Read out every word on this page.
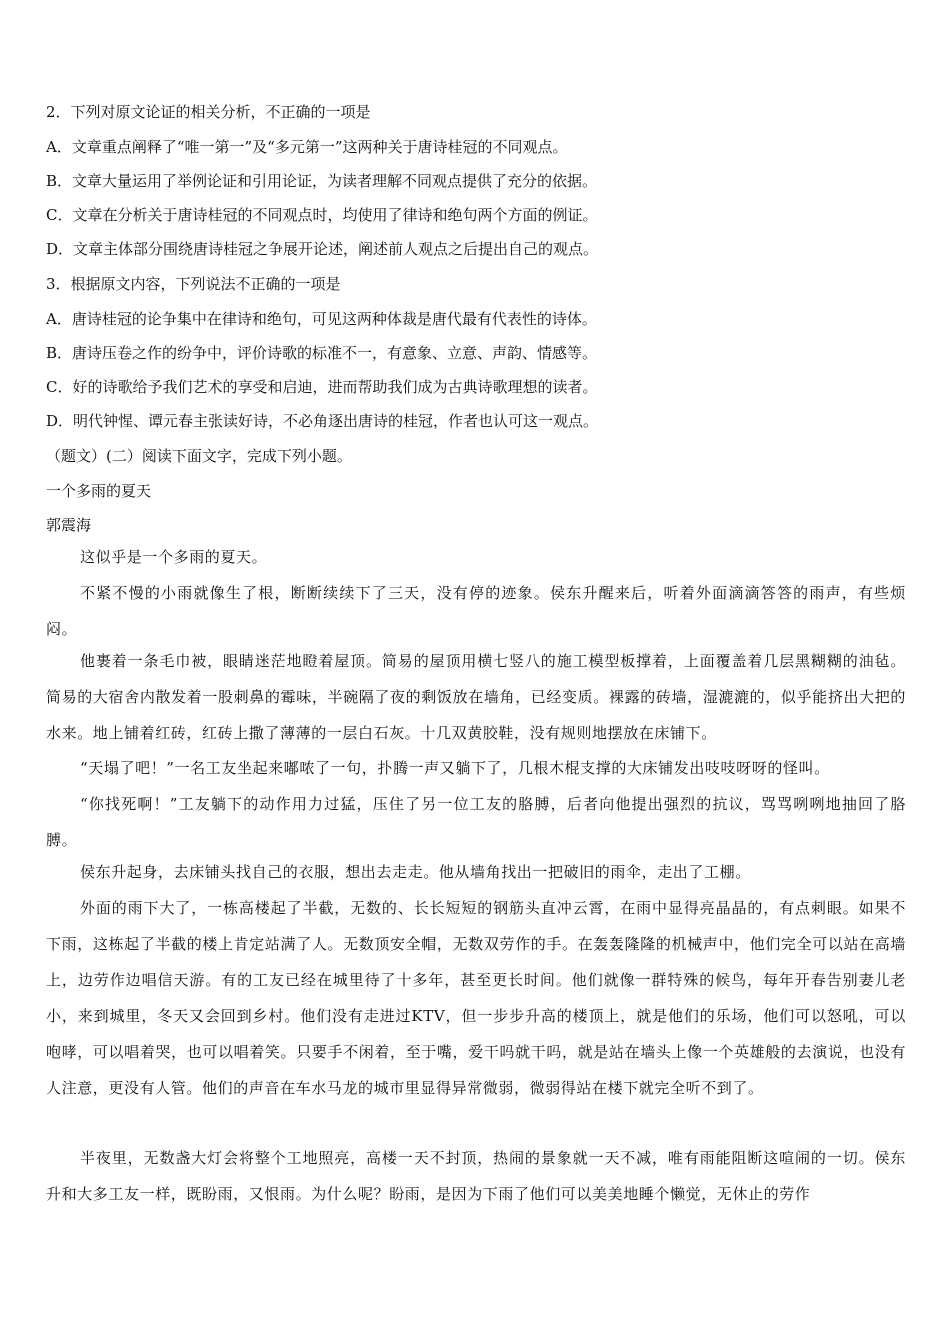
2．下列对原文论证的相关分析，不正确的一项是
A．文章重点阐释了“唯一第一”及“多元第一”这两种关于唐诗桂冠的不同观点。
B．文章大量运用了举例论证和引用论证，为读者理解不同观点提供了充分的依据。
C．文章在分析关于唐诗桂冠的不同观点时，均使用了律诗和绝句两个方面的例证。
D．文章主体部分围绕唐诗桂冠之争展开论述，阐述前人观点之后提出自己的观点。
3．根据原文内容，下列说法不正确的一项是
A．唐诗桂冠的论争集中在律诗和绝句，可见这两种体裁是唐代最有代表性的诗体。
B．唐诗压卷之作的纷争中，评价诗歌的标准不一，有意象、立意、声韵、情感等。
C．好的诗歌给予我们艺术的享受和启迪，进而帮助我们成为古典诗歌理想的读者。
D．明代钟惺、谭元春主张读好诗，不必角逐出唐诗的桂冠，作者也认可这一观点。
（题文）(二）阅读下面文字，完成下列小题。
一个多雨的夏天
郭震海
这似乎是一个多雨的夏天。
不紧不慢的小雨就像生了根，断断续续下了三天，没有停的迹象。侯东升醒来后，听着外面滴滴答答的雨声，有些烦闷。
他裹着一条毛巾被，眼睛迷茫地瞪着屋顶。简易的屋顶用横七竖八的施工模型板撑着，上面覆盖着几层黑糊糊的油毡。简易的大宿舍内散发着一股刺鼻的霉味，半碗隔了夜的剩饭放在墙角，已经变质。裸露的砖墙，湿漉漉的，似乎能挤出大把的水来。地上铺着红砖，红砖上撒了薄薄的一层白石灰。十几双黄胶鞋，没有规则地摆放在床铺下。
“天塌了吧！”一名工友坐起来嘟哝了一句，扑腾一声又躺下了，几根木棍支撑的大床铺发出吱吱呀呀的怪叫。
“你找死啊！”工友躺下的动作用力过猛，压住了另一位工友的胳膊，后者向他提出强烈的抗议，骂骂咧咧地抽回了胳膊。
侯东升起身，去床铺头找自己的衣服，想出去走走。他从墙角找出一把破旧的雨伞，走出了工棚。
外面的雨下大了，一栋高楼起了半截，无数的、长长短短的钢筋头直冲云霄，在雨中显得亮晶晶的，有点刺眼。如果不下雨，这栋起了半截的楼上肯定站满了人。无数顶安全帽，无数双劳作的手。在轰轰隆隆的机械声中，他们完全可以站在高墙上，边劳作边唱信天游。有的工友已经在城里待了十多年，甚至更长时间。他们就像一群特殊的候鸟，每年开春告别妻儿老小，来到城里，冬天又会回到乡村。他们没有走进过KTV，但一步步升高的楼顶上，就是他们的乐场，他们可以怒吼，可以咆哮，可以唱着哭，也可以唱着笑。只要手不闲着，至于嘴，爱干吗就干吗，就是站在墙头上像一个英雄般的去演说，也没有人注意，更没有人管。他们的声音在车水马龙的城市里显得异常微弱，微弱得站在楼下就完全听不到了。
半夜里，无数盏大灯会将整个工地照亮，高楼一天不封顶，热闹的景象就一天不减，唯有雨能阻断这喧闹的一切。侯东升和大多工友一样，既盼雨，又恨雨。为什么呢？盼雨，是因为下雨了他们可以美美地睡个懒觉，无休止的劳作
